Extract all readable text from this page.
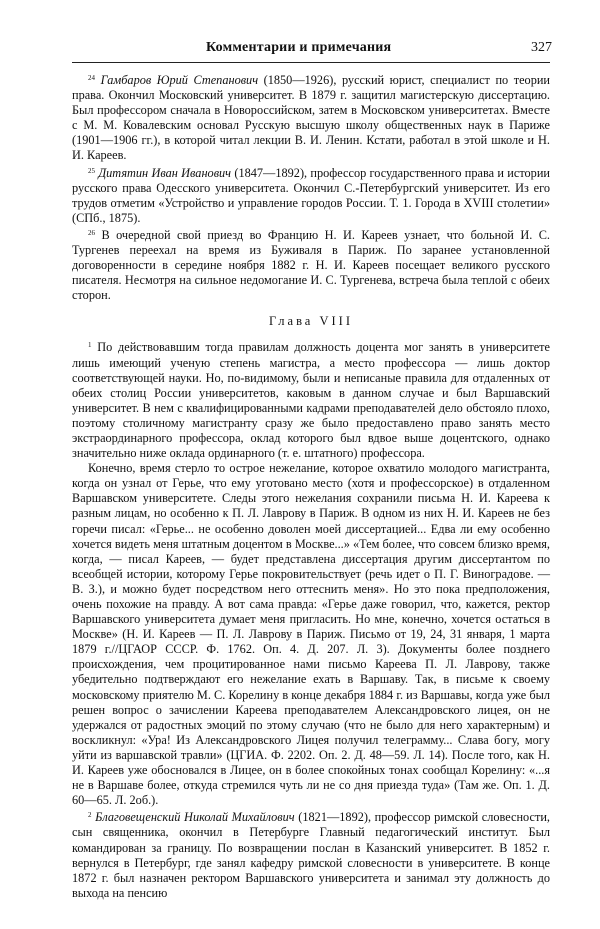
Комментарии и примечания	327

$^{24}$ Гамбаров Юрий Степанович (1850—1926), русский юрист, специалист по теории права. Окончил Московский университет. В 1879 г. защитил магистерскую диссертацию. Был профессором сначала в Новороссийском, затем в Московском университетах. Вместе с М. М. Ковалевским основал Русскую высшую школу общественных наук в Париже (1901—1906 гг.), в которой читал лекции В. И. Ленин. Кстати, работал в этой школе и Н. И. Кареев.

$^{25}$ Дитятин Иван Иванович (1847—1892), профессор государственного права и истории русского права Одесского университета. Окончил С.-Петербургский университет. Из его трудов отметим «Устройство и управление городов России. Т. 1. Города в XVIII столетии» (СПб., 1875).

$^{26}$ В очередной свой приезд во Францию Н. И. Кареев узнает, что больной И. С. Тургенев переехал на время из Буживаля в Париж. По заранее установленной договоренности в середине ноября 1882 г. Н. И. Кареев посещает великого русского писателя. Несмотря на сильное недомогание И. С. Тургенева, встреча была теплой с обеих сторон.

Глава VIII

$^1$ По действовавшим тогда правилам должность доцента мог занять в университете лишь имеющий ученую степень магистра, а место профессора — лишь доктор соответствующей науки. Но, по-видимому, были и неписаные правила для отдаленных от обеих столиц России университетов, каковым в данном случае и был Варшавский университет. В нем с квалифицированными кадрами преподавателей дело обстояло плохо, поэтому столичному магистранту сразу же было предоставлено право занять место экстраординарного профессора, оклад которого был вдвое выше доцентского, однако значительно ниже оклада ординарного (т. е. штатного) профессора.

Конечно, время стерло то острое нежелание, которое охватило молодого магистранта, когда он узнал от Герье, что ему уготовано место (хотя и профессорское) в отдаленном Варшавском университете. Следы этого нежелания сохранили письма Н. И. Кареева к разным лицам, но особенно к П. Л. Лаврову в Париж. В одном из них Н. И. Кареев не без горечи писал: «Герье... не особенно доволен моей диссертацией... Едва ли ему особенно хочется видеть меня штатным доцентом в Москве...» «Тем более, что совсем близко время, когда, — писал Кареев, — будет представлена диссертация другим диссертантом по всеобщей истории, которому Герье покровительствует (речь идет о П. Г. Виноградове. — В. З.), и можно будет посредством него оттеснить меня». Но это пока предположения, очень похожие на правду. А вот сама правда: «Герье даже говорил, что, кажется, ректор Варшавского университета думает меня пригласить. Но мне, конечно, хочется остаться в Москве» (Н. И. Кареев — П. Л. Лаврову в Париж. Письмо от 19, 24, 31 января, 1 марта 1879 г.//ЦГАОР СССР. Ф. 1762. Оп. 4. Д. 207. Л. 3). Документы более позднего происхождения, чем процитированное нами письмо Кареева П. Л. Лаврову, также убедительно подтверждают его нежелание ехать в Варшаву. Так, в письме к своему московскому приятелю М. С. Корелину в конце декабря 1884 г. из Варшавы, когда уже был решен вопрос о зачислении Кареева преподавателем Александровского лицея, он не удержался от радостных эмоций по этому случаю (что не было для него характерным) и воскликнул: «Ура! Из Александровского Лицея получил телеграмму... Слава богу, могу уйти из варшавской травли» (ЦГИА. Ф. 2202. Оп. 2. Д. 48—59. Л. 14). После того, как Н. И. Кареев уже обосновался в Лицее, он в более спокойных тонах сообщал Корелину: «...я не в Варшаве более, откуда стремился чуть ли не со дня приезда туда» (Там же. Оп. 1. Д. 60—65. Л. 2об.).

$^2$ Благовещенский Николай Михайлович (1821—1892), профессор римской словесности, сын священника, окончил в Петербурге Главный педагогический институт. Был командирован за границу. По возвращении послан в Казанский университет. В 1852 г. вернулся в Петербург, где занял кафедру римской словесности в университете. В конце 1872 г. был назначен ректором Варшавского университета и занимал эту должность до выхода на пенсию
